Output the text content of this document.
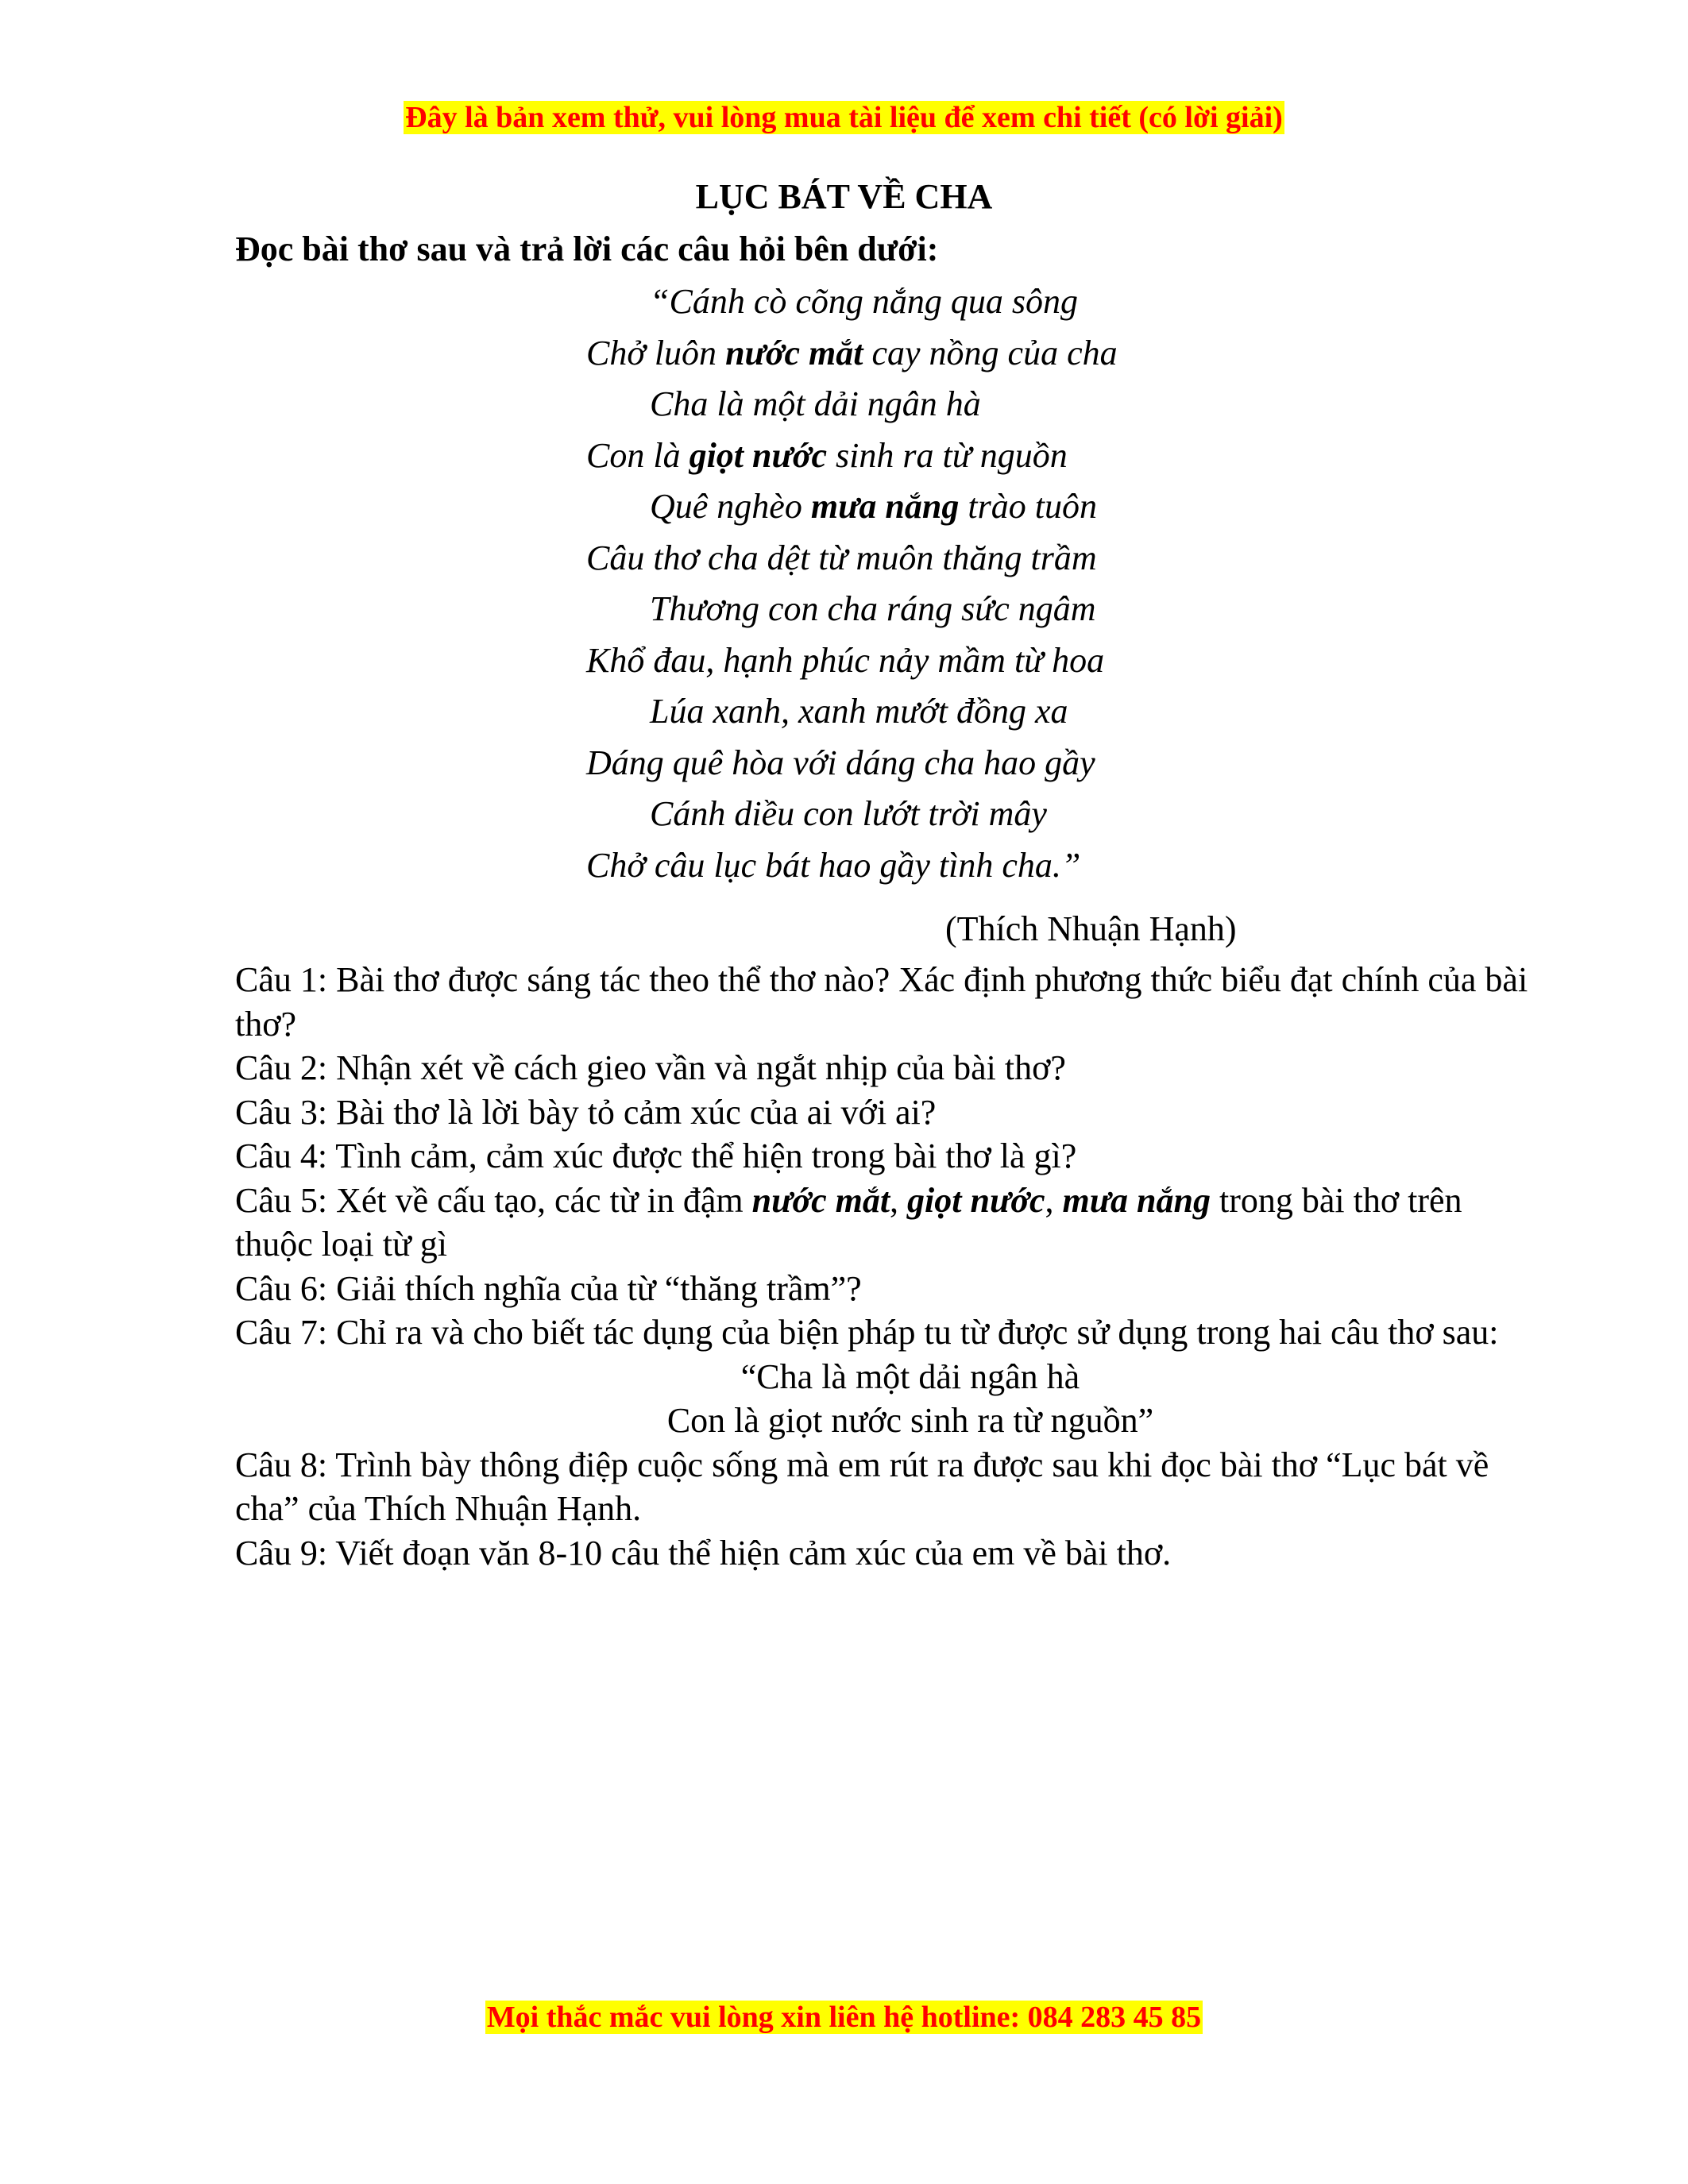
Đây là bản xem thử, vui lòng mua tài liệu để xem chi tiết (có lời giải)
LỤC BÁT VỀ CHA
Đọc bài thơ sau và trả lời các câu hỏi bên dưới:
“Cánh cò cõng nắng qua sông
Chở luôn nước mắt cay nồng của cha
Cha là một dải ngân hà
Con là giọt nước sinh ra từ nguồn
Quê nghèo mưa nắng trào tuôn
Câu thơ cha dệt từ muôn thăng trầm
Thương con cha ráng sức ngâm
Khổ đau, hạnh phúc nảy mầm từ hoa
Lúa xanh, xanh mướt đồng xa
Dáng quê hòa với dáng cha hao gầy
Cánh diều con lướt trời mây
Chở câu lục bát hao gầy tình cha.”
(Thích Nhuận Hạnh)

Câu 1: Bài thơ được sáng tác theo thể thơ nào? Xác định phương thức biểu đạt chính của bài thơ?

Câu 2: Nhận xét về cách gieo vần và ngắt nhịp của bài thơ?

Câu 3: Bài thơ là lời bày tỏ cảm xúc của ai với ai?

Câu 4: Tình cảm, cảm xúc được thể hiện trong bài thơ là gì?

Câu 5: Xét về cấu tạo, các từ in đậm nước mắt, giọt nước, mưa nắng trong bài thơ trên thuộc loại từ gì

Câu 6: Giải thích nghĩa của từ “thăng trầm”?

Câu 7: Chỉ ra và cho biết tác dụng của biện pháp tu từ được sử dụng trong hai câu thơ sau:

“Cha là một dải ngân hà

Con là giọt nước sinh ra từ nguồn”

Câu 8: Trình bày thông điệp cuộc sống mà em rút ra được sau khi đọc bài thơ “Lục bát về cha” của Thích Nhuận Hạnh.

Câu 9: Viết đoạn văn 8-10 câu thể hiện cảm xúc của em về bài thơ.

Mọi thắc mắc vui lòng xin liên hệ hotline: 084 283 45 85
